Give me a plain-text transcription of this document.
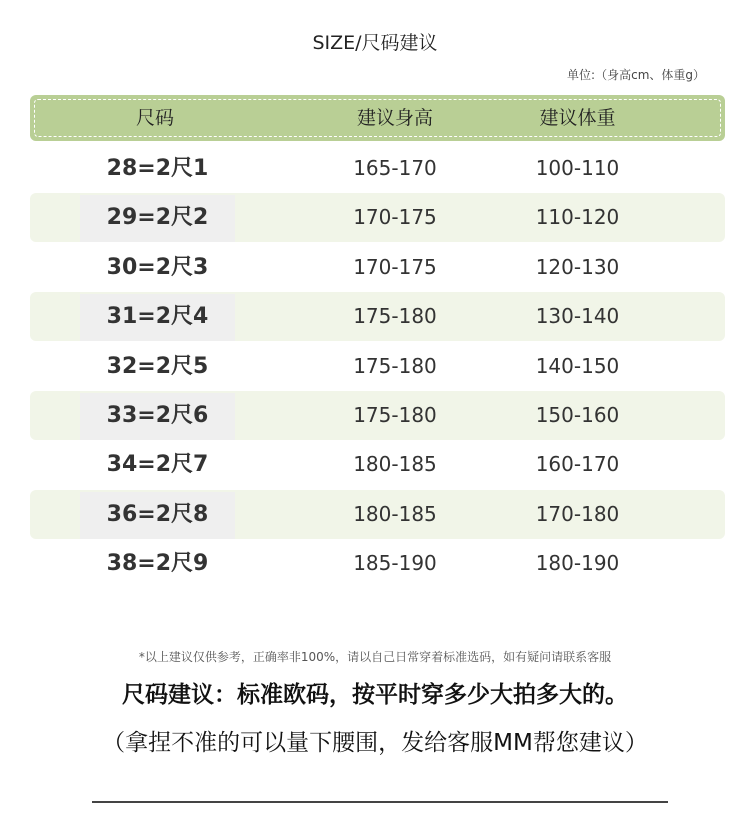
SIZE/尺码建议
单位:（身高cm、体重g）
尺码	建议身高	建议体重
28=2尺1	165-170	100-110
29=2尺2	170-175	110-120
30=2尺3	170-175	120-130
31=2尺4	175-180	130-140
32=2尺5	175-180	140-150
33=2尺6	175-180	150-160
34=2尺7	180-185	160-170
36=2尺8	180-185	170-180
38=2尺9	185-190	180-190
*以上建议仅供参考，正确率非100%，请以自己日常穿着标准选码，如有疑问请联系客服
尺码建议：标准欧码，按平时穿多少大拍多大的。
（拿捏不准的可以量下腰围，发给客服MM帮您建议）
